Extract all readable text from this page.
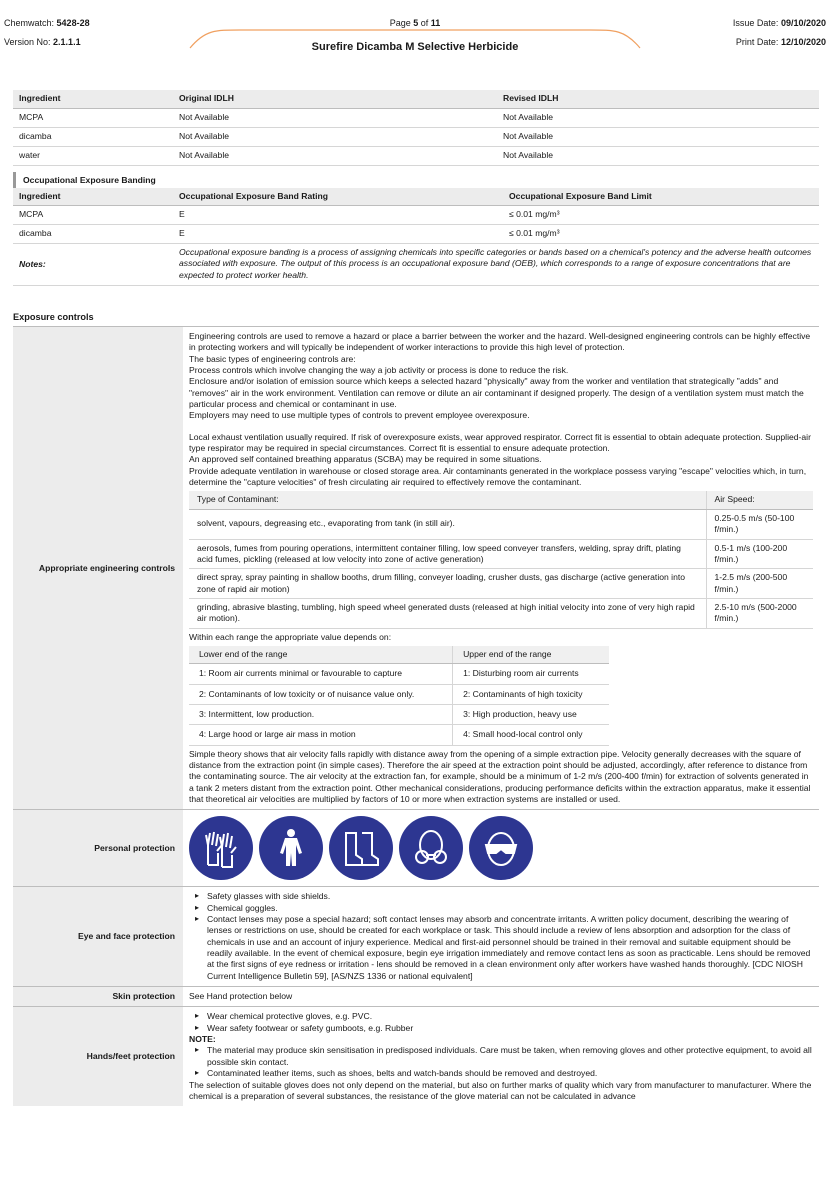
Chemwatch: 5428-28
Version No: 2.1.1.1
Page 5 of 11
Surefire Dicamba M Selective Herbicide
Issue Date: 09/10/2020
Print Date: 12/10/2020
Ingredient	Original IDLH	Revised IDLH
MCPA	Not Available	Not Available
dicamba	Not Available	Not Available
water	Not Available	Not Available
Occupational Exposure Banding
Ingredient	Occupational Exposure Band Rating	Occupational Exposure Band Limit
MCPA	E	≤ 0.01 mg/m³
dicamba	E	≤ 0.01 mg/m³
Notes:	Occupational exposure banding is a process of assigning chemicals into specific categories or bands based on a chemical's potency and the adverse health outcomes associated with exposure. The output of this process is an occupational exposure band (OEB), which corresponds to a range of exposure concentrations that are expected to protect worker health.	
Exposure controls
Appropriate engineering controls

Engineering controls are used to remove a hazard or place a barrier between the worker and the hazard. Well-designed engineering controls can be highly effective in protecting workers and will typically be independent of worker interactions to provide this high level of protection.

The basic types of engineering controls are:

Process controls which involve changing the way a job activity or process is done to reduce the risk.

Enclosure and/or isolation of emission source which keeps a selected hazard "physically" away from the worker and ventilation that strategically "adds" and "removes" air in the work environment. Ventilation can remove or dilute an air contaminant if designed properly. The design of a ventilation system must match the particular process and chemical or contaminant in use.

Employers may need to use multiple types of controls to prevent employee overexposure.

Local exhaust ventilation usually required. If risk of overexposure exists, wear approved respirator. Correct fit is essential to obtain adequate protection. Supplied-air type respirator may be required in special circumstances. Correct fit is essential to ensure adequate protection.

An approved self contained breathing apparatus (SCBA) may be required in some situations.

Provide adequate ventilation in warehouse or closed storage area. Air contaminants generated in the workplace possess varying "escape" velocities which, in turn, determine the "capture velocities" of fresh circulating air required to effectively remove the contaminant.

Type of Contaminant:	Air Speed:
solvent, vapours, degreasing etc., evaporating from tank (in still air).	0.25-0.5 m/s (50-100 f/min.)
aerosols, fumes from pouring operations, intermittent container filling, low speed conveyer transfers, welding, spray drift, plating acid fumes, pickling (released at low velocity into zone of active generation)	0.5-1 m/s (100-200 f/min.)
direct spray, spray painting in shallow booths, drum filling, conveyer loading, crusher dusts, gas discharge (active generation into zone of rapid air motion)	1-2.5 m/s (200-500 f/min.)
grinding, abrasive blasting, tumbling, high speed wheel generated dusts (released at high initial velocity into zone of very high rapid air motion).	2.5-10 m/s (500-2000 f/min.)

Within each range the appropriate value depends on:

Lower end of the range	Upper end of the range
1: Room air currents minimal or favourable to capture	1: Disturbing room air currents
2: Contaminants of low toxicity or of nuisance value only.	2: Contaminants of high toxicity
3: Intermittent, low production.	3: High production, heavy use
4: Large hood or large air mass in motion	4: Small hood-local control only

Simple theory shows that air velocity falls rapidly with distance away from the opening of a simple extraction pipe. Velocity generally decreases with the square of distance from the extraction point (in simple cases). Therefore the air speed at the extraction point should be adjusted, accordingly, after reference to distance from the contaminating source. The air velocity at the extraction fan, for example, should be a minimum of 1-2 m/s (200-400 f/min) for extraction of solvents generated in a tank 2 meters distant from the extraction point. Other mechanical considerations, producing performance deficits within the extraction apparatus, make it essential that theoretical air velocities are multiplied by factors of 10 or more when extraction systems are installed or used.

Personal protection
Eye and face protection
▸ Safety glasses with side shields.
▸ Chemical goggles.
▸ Contact lenses may pose a special hazard; soft contact lenses may absorb and concentrate irritants. A written policy document, describing the wearing of lenses or restrictions on use, should be created for each workplace or task. This should include a review of lens absorption and adsorption for the class of chemicals in use and an account of injury experience. Medical and first-aid personnel should be trained in their removal and suitable equipment should be readily available. In the event of chemical exposure, begin eye irrigation immediately and remove contact lens as soon as practicable. Lens should be removed at the first signs of eye redness or irritation - lens should be removed in a clean environment only after workers have washed hands thoroughly. [CDC NIOSH Current Intelligence Bulletin 59], [AS/NZS 1336 or national equivalent]
Skin protection	See Hand protection below
Hands/feet protection
▸ Wear chemical protective gloves, e.g. PVC.
▸ Wear safety footwear or safety gumboots, e.g. Rubber

NOTE:

▸ The material may produce skin sensitisation in predisposed individuals. Care must be taken, when removing gloves and other protective equipment, to avoid all possible skin contact.
▸ Contaminated leather items, such as shoes, belts and watch-bands should be removed and destroyed.

The selection of suitable gloves does not only depend on the material, but also on further marks of quality which vary from manufacturer to manufacturer. Where the chemical is a preparation of several substances, the resistance of the glove material can not be calculated in advance
